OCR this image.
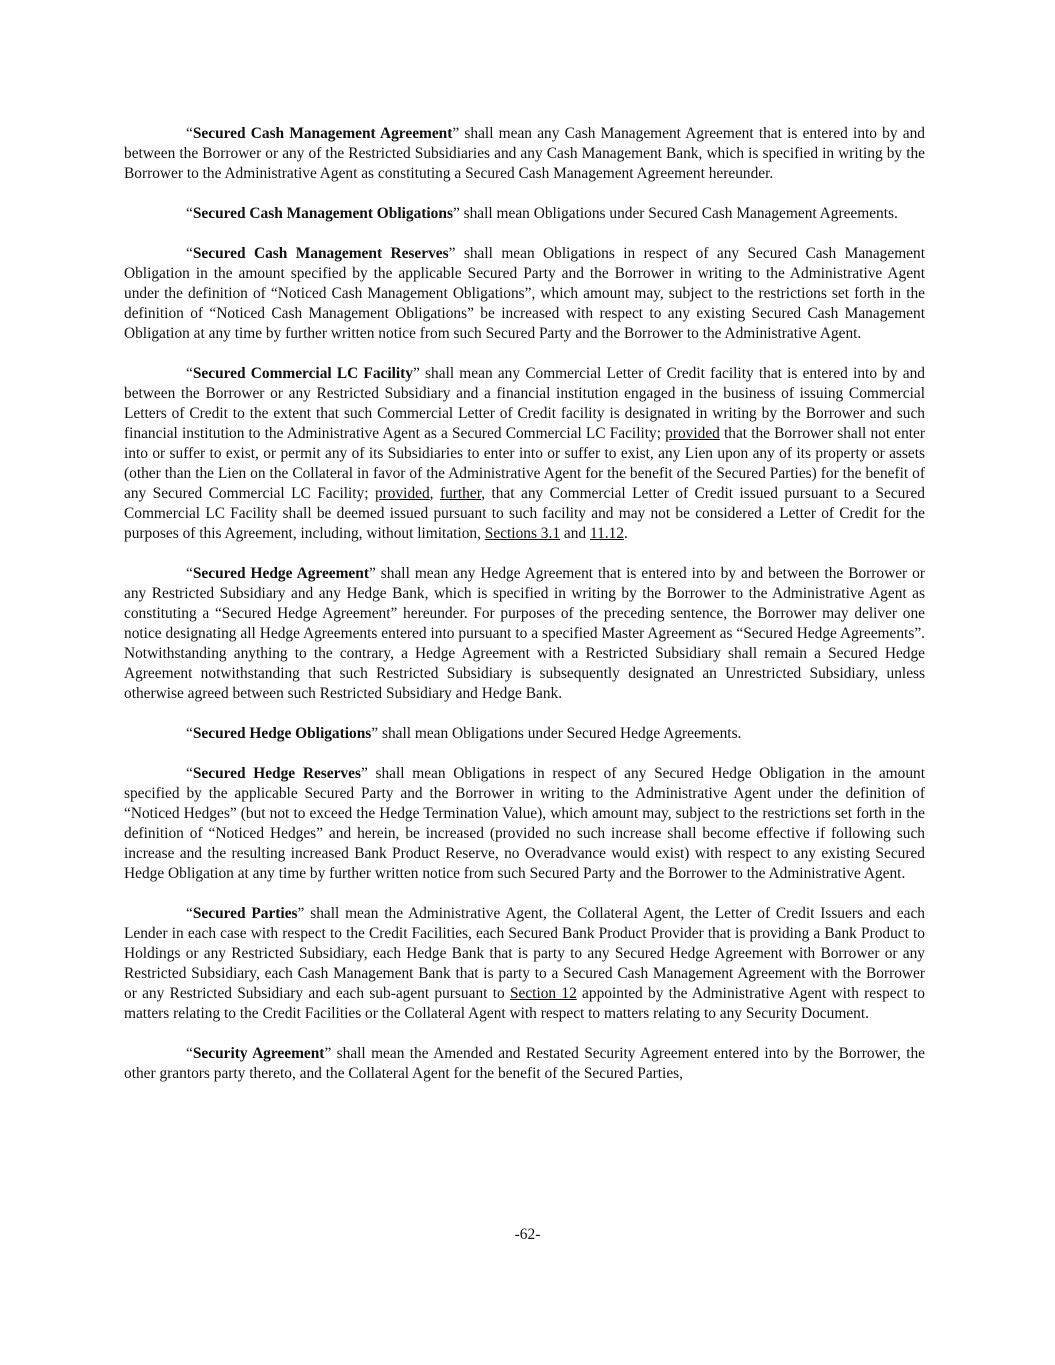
“Secured Cash Management Agreement” shall mean any Cash Management Agreement that is entered into by and between the Borrower or any of the Restricted Subsidiaries and any Cash Management Bank, which is specified in writing by the Borrower to the Administrative Agent as constituting a Secured Cash Management Agreement hereunder.

“Secured Cash Management Obligations” shall mean Obligations under Secured Cash Management Agreements.

“Secured Cash Management Reserves” shall mean Obligations in respect of any Secured Cash Management Obligation in the amount specified by the applicable Secured Party and the Borrower in writing to the Administrative Agent under the definition of “Noticed Cash Management Obligations”, which amount may, subject to the restrictions set forth in the definition of “Noticed Cash Management Obligations” be increased with respect to any existing Secured Cash Management Obligation at any time by further written notice from such Secured Party and the Borrower to the Administrative Agent.

“Secured Commercial LC Facility” shall mean any Commercial Letter of Credit facility that is entered into by and between the Borrower or any Restricted Subsidiary and a financial institution engaged in the business of issuing Commercial Letters of Credit to the extent that such Commercial Letter of Credit facility is designated in writing by the Borrower and such financial institution to the Administrative Agent as a Secured Commercial LC Facility; provided that the Borrower shall not enter into or suffer to exist, or permit any of its Subsidiaries to enter into or suffer to exist, any Lien upon any of its property or assets (other than the Lien on the Collateral in favor of the Administrative Agent for the benefit of the Secured Parties) for the benefit of any Secured Commercial LC Facility; provided, further, that any Commercial Letter of Credit issued pursuant to a Secured Commercial LC Facility shall be deemed issued pursuant to such facility and may not be considered a Letter of Credit for the purposes of this Agreement, including, without limitation, Sections 3.1 and 11.12.

“Secured Hedge Agreement” shall mean any Hedge Agreement that is entered into by and between the Borrower or any Restricted Subsidiary and any Hedge Bank, which is specified in writing by the Borrower to the Administrative Agent as constituting a “Secured Hedge Agreement” hereunder. For purposes of the preceding sentence, the Borrower may deliver one notice designating all Hedge Agreements entered into pursuant to a specified Master Agreement as “Secured Hedge Agreements”. Notwithstanding anything to the contrary, a Hedge Agreement with a Restricted Subsidiary shall remain a Secured Hedge Agreement notwithstanding that such Restricted Subsidiary is subsequently designated an Unrestricted Subsidiary, unless otherwise agreed between such Restricted Subsidiary and Hedge Bank.

“Secured Hedge Obligations” shall mean Obligations under Secured Hedge Agreements.

“Secured Hedge Reserves” shall mean Obligations in respect of any Secured Hedge Obligation in the amount specified by the applicable Secured Party and the Borrower in writing to the Administrative Agent under the definition of “Noticed Hedges” (but not to exceed the Hedge Termination Value), which amount may, subject to the restrictions set forth in the definition of “Noticed Hedges” and herein, be increased (provided no such increase shall become effective if following such increase and the resulting increased Bank Product Reserve, no Overadvance would exist) with respect to any existing Secured Hedge Obligation at any time by further written notice from such Secured Party and the Borrower to the Administrative Agent.

“Secured Parties” shall mean the Administrative Agent, the Collateral Agent, the Letter of Credit Issuers and each Lender in each case with respect to the Credit Facilities, each Secured Bank Product Provider that is providing a Bank Product to Holdings or any Restricted Subsidiary, each Hedge Bank that is party to any Secured Hedge Agreement with Borrower or any Restricted Subsidiary, each Cash Management Bank that is party to a Secured Cash Management Agreement with the Borrower or any Restricted Subsidiary and each sub-agent pursuant to Section 12 appointed by the Administrative Agent with respect to matters relating to the Credit Facilities or the Collateral Agent with respect to matters relating to any Security Document.

“Security Agreement” shall mean the Amended and Restated Security Agreement entered into by the Borrower, the other grantors party thereto, and the Collateral Agent for the benefit of the Secured Parties,

-62-
